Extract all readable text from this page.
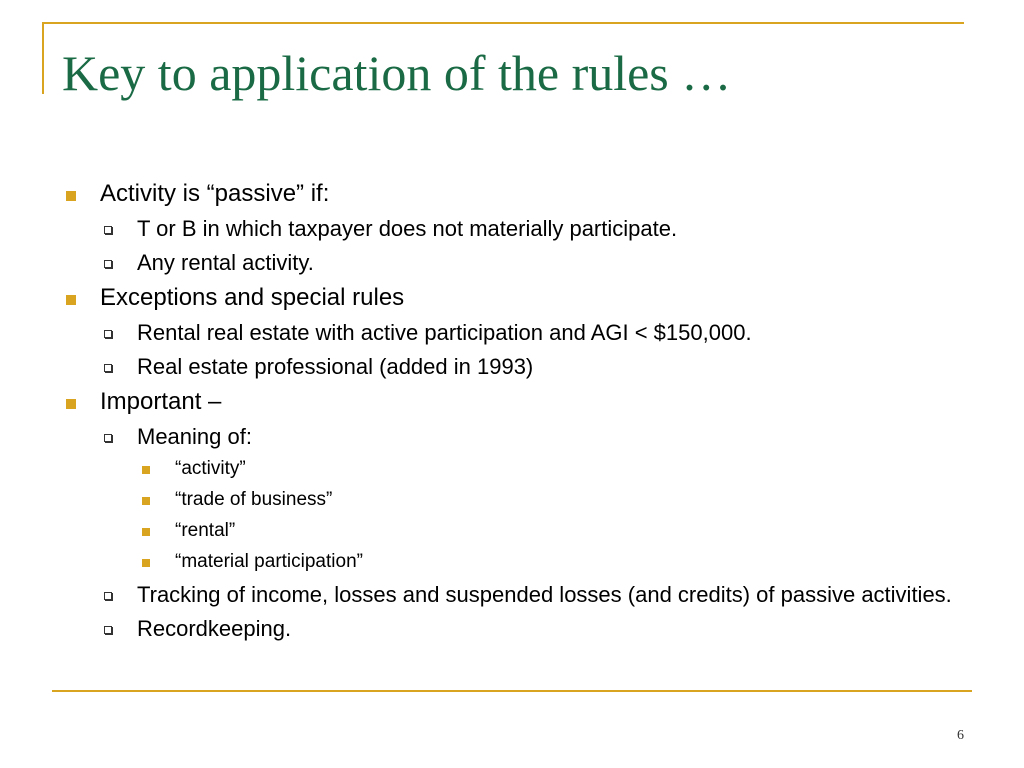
Key to application of the rules …
Activity is “passive” if:
T or B in which taxpayer does not materially participate.
Any rental activity.
Exceptions and special rules
Rental real estate with active participation and AGI < $150,000.
Real estate professional (added in 1993)
Important –
Meaning of:
“activity”
“trade of business”
“rental”
“material participation”
Tracking of income, losses and suspended losses (and credits) of passive activities.
Recordkeeping.
6
